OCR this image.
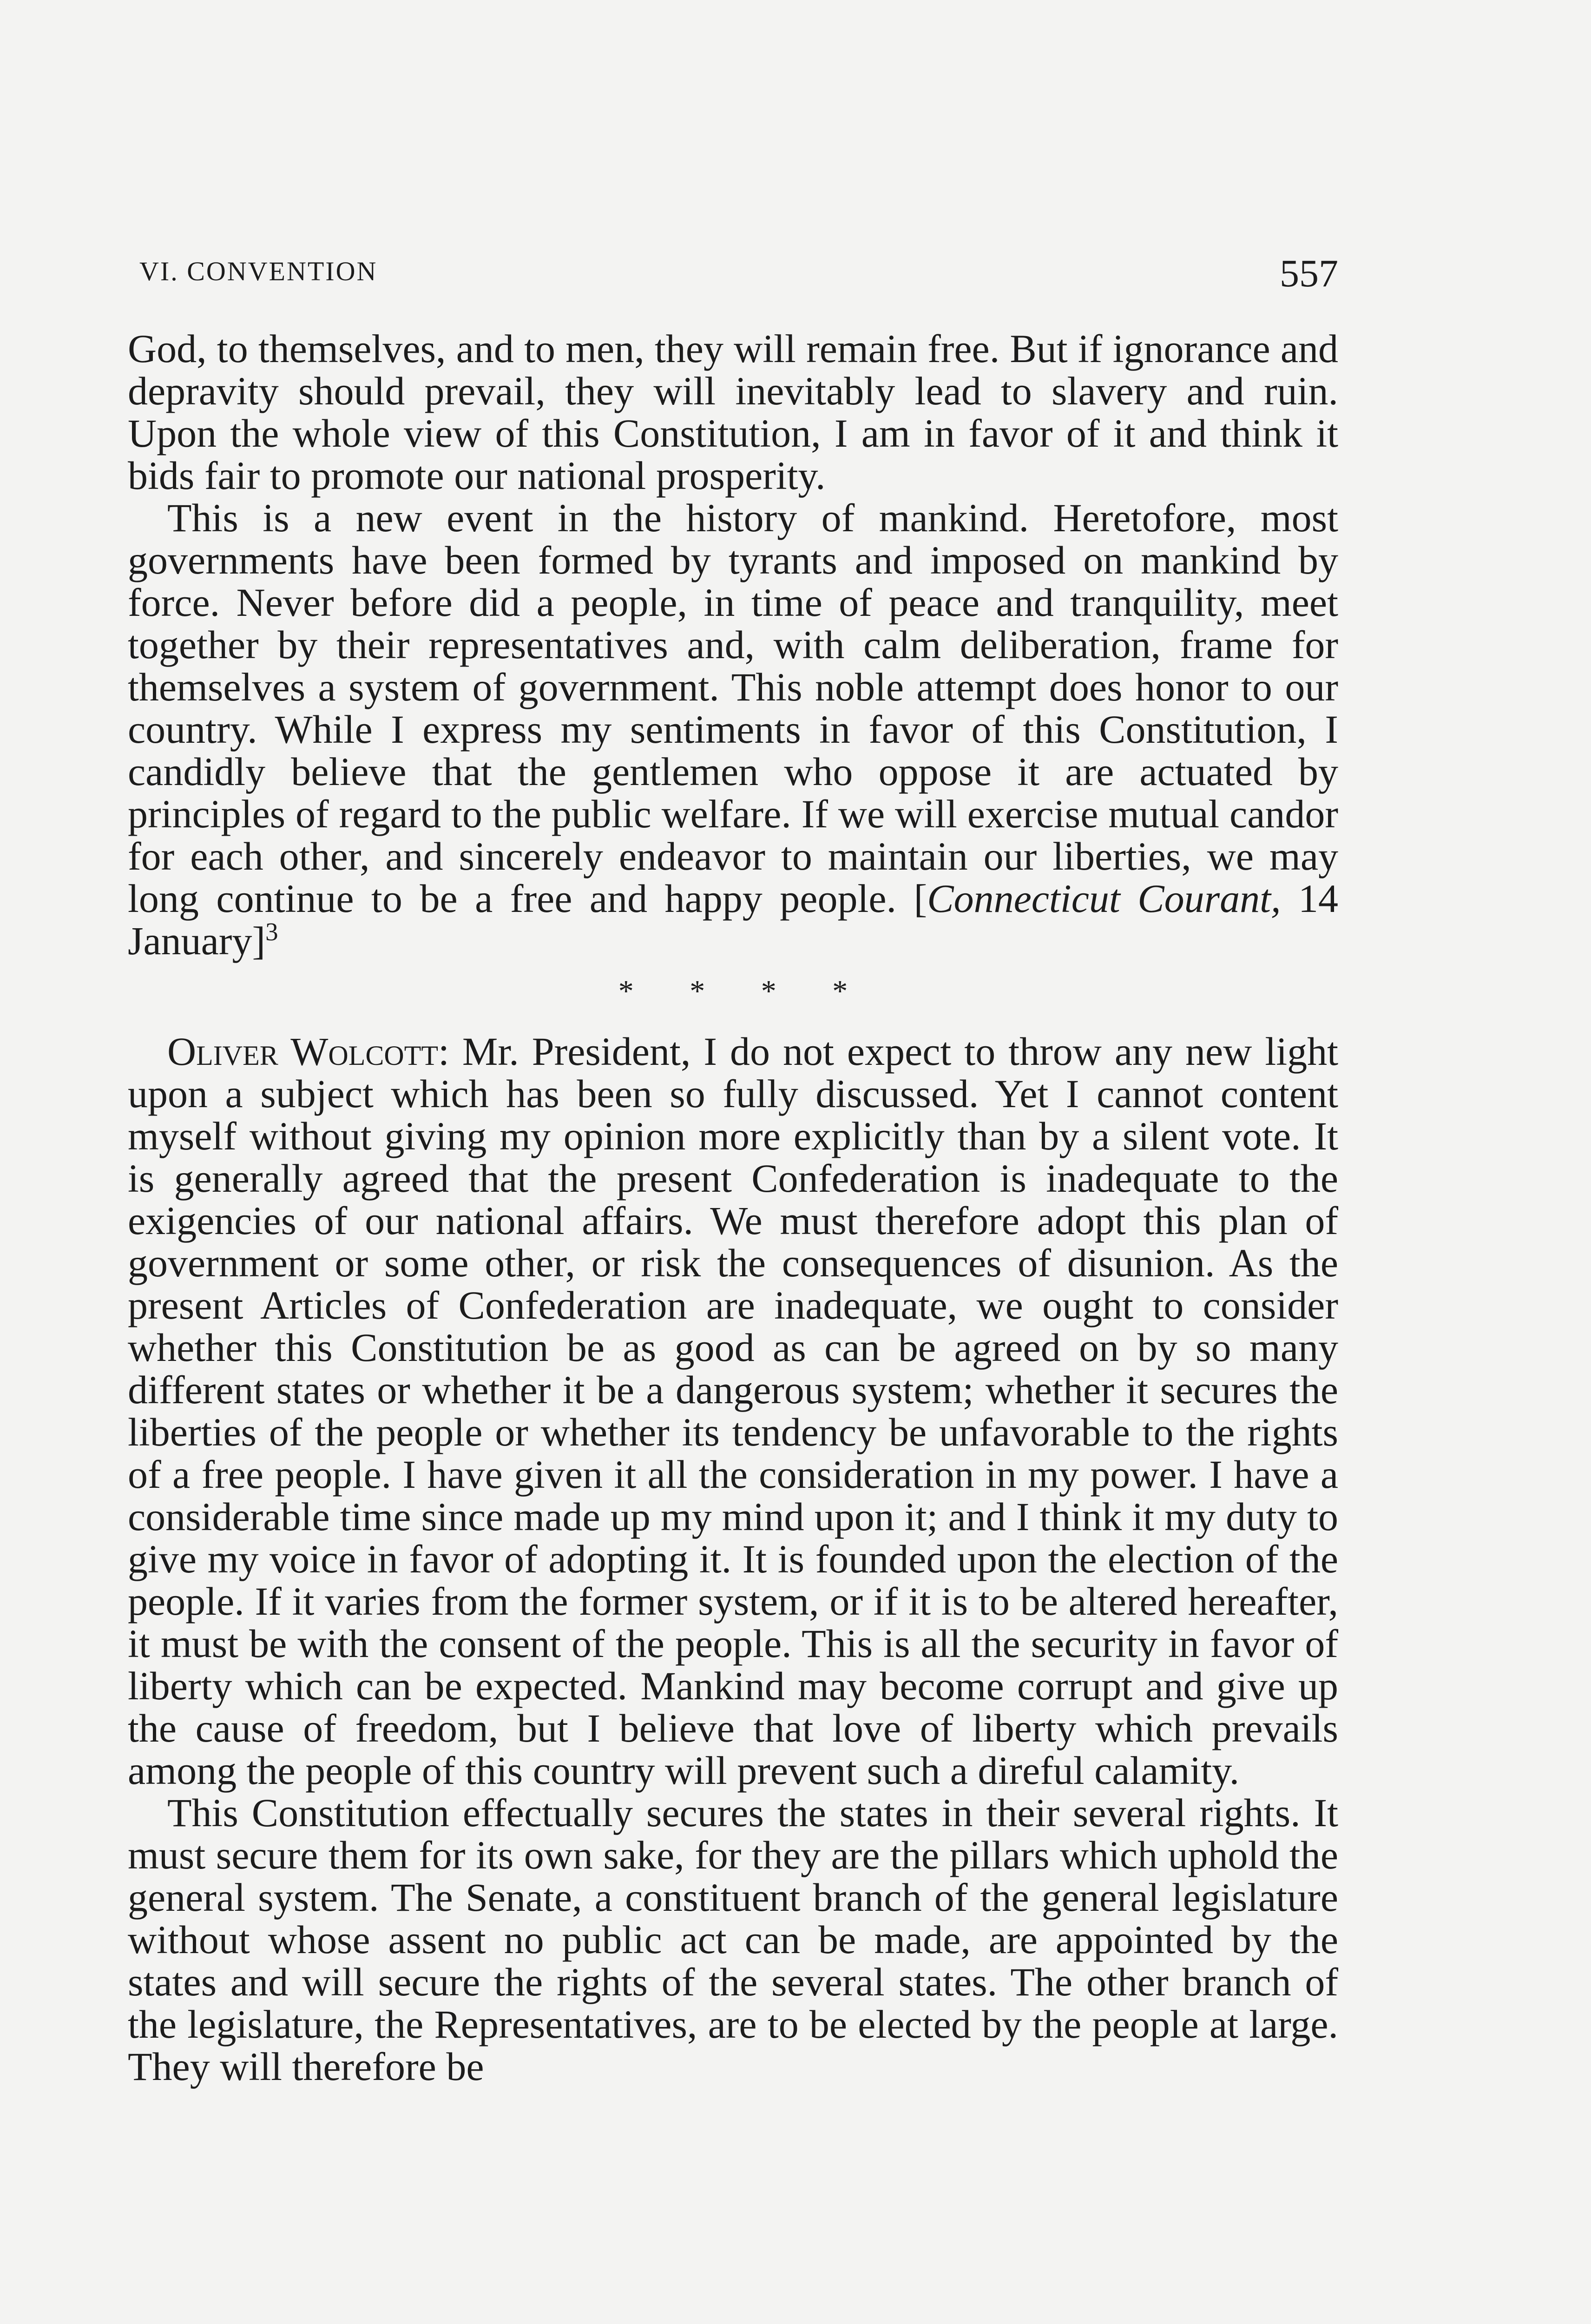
VI. CONVENTION	557

God, to themselves, and to men, they will remain free. But if ignorance and depravity should prevail, they will inevitably lead to slavery and ruin. Upon the whole view of this Constitution, I am in favor of it and think it bids fair to promote our national prosperity.

This is a new event in the history of mankind. Heretofore, most governments have been formed by tyrants and imposed on mankind by force. Never before did a people, in time of peace and tranquility, meet together by their representatives and, with calm deliberation, frame for themselves a system of government. This noble attempt does honor to our country. While I express my sentiments in favor of this Constitution, I candidly believe that the gentlemen who oppose it are actuated by principles of regard to the public welfare. If we will exercise mutual candor for each other, and sincerely endeavor to maintain our liberties, we may long continue to be a free and happy people. [Connecticut Courant, 14 January]$^3$

* * * *

Oliver Wolcott: Mr. President, I do not expect to throw any new light upon a subject which has been so fully discussed. Yet I cannot content myself without giving my opinion more explicitly than by a silent vote. It is generally agreed that the present Confederation is inadequate to the exigencies of our national affairs. We must therefore adopt this plan of government or some other, or risk the consequences of disunion. As the present Articles of Confederation are inadequate, we ought to consider whether this Constitution be as good as can be agreed on by so many different states or whether it be a dangerous system; whether it secures the liberties of the people or whether its tendency be unfavorable to the rights of a free people. I have given it all the consideration in my power. I have a considerable time since made up my mind upon it; and I think it my duty to give my voice in favor of adopting it. It is founded upon the election of the people. If it varies from the former system, or if it is to be altered hereafter, it must be with the consent of the people. This is all the security in favor of liberty which can be expected. Mankind may become corrupt and give up the cause of freedom, but I believe that love of liberty which prevails among the people of this country will prevent such a direful calamity.

This Constitution effectually secures the states in their several rights. It must secure them for its own sake, for they are the pillars which uphold the general system. The Senate, a constituent branch of the general legislature without whose assent no public act can be made, are appointed by the states and will secure the rights of the several states. The other branch of the legislature, the Representatives, are to be elected by the people at large. They will therefore be
